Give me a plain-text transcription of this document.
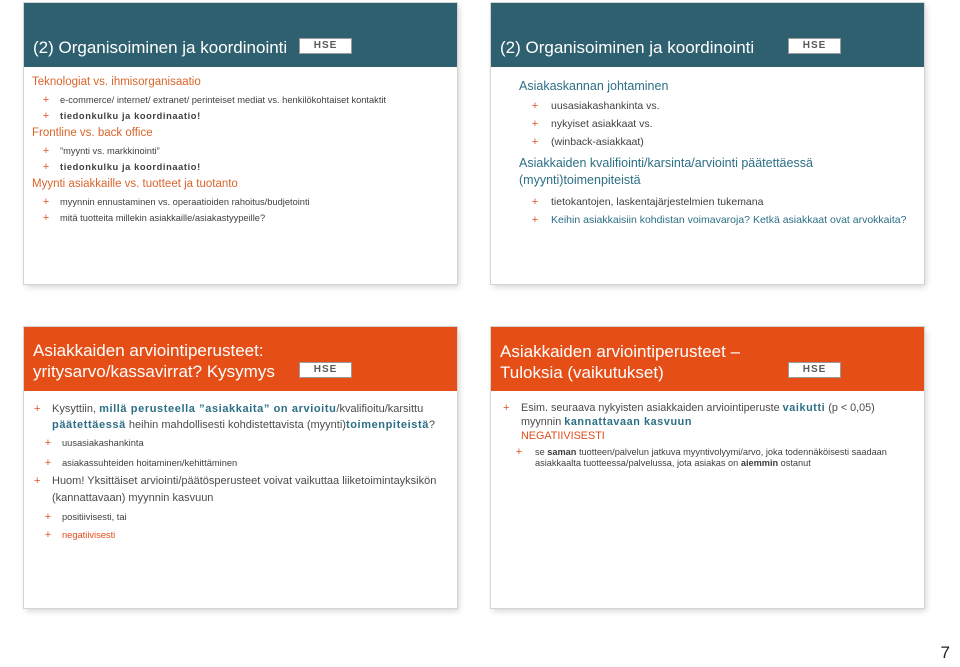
(2) Organisoiminen ja koordinointi	HSE
Teknologiat vs. ihmisorganisaatio
+	e-commerce/ internet/ extranet/ perinteiset mediat vs. henkilökohtaiset kontaktit
+	tiedonkulku ja koordinaatio!
Frontline vs. back office
+	”myynti vs. markkinointi”
+	tiedonkulku ja koordinaatio!
Myynti asiakkaille vs. tuotteet ja tuotanto
+	myynnin ennustaminen vs. operaatioiden rahoitus/budjetointi
+	mitä tuotteita millekin asiakkaille/asiakastyypeille?
(2) Organisoiminen ja koordinointi	HSE
Asiakaskannan johtaminen
+	uusasiakashankinta vs.
+	nykyiset asiakkaat vs.
+	(winback-asiakkaat)
Asiakkaiden kvalifiointi/karsinta/arviointi päätettäessä (myynti)toimenpiteistä
+	tietokantojen, laskentajärjestelmien tukemana
+	Keihin asiakkaisiin kohdistan voimavaroja? Ketkä asiakkaat ovat arvokkaita?
Asiakkaiden arviointiperusteet: yritysarvo/kassavirrat? Kysymys	HSE
+	Kysyttiin, millä perusteella ”asiakkaita” on arvioitu/kvalifioitu/karsittu päätettäessä heihin mahdollisesti kohdistettavista (myynti)toimenpiteistä?
+	uusasiakashankinta
+	asiakassuhteiden hoitaminen/kehittäminen
+	Huom! Yksittäiset arviointi/päätösperusteet voivat vaikuttaa liiketoimintayksikön (kannattavaan) myynnin kasvuun
+	positiivisesti, tai
+	negatiivisesti
Asiakkaiden arviointiperusteet –
Tuloksia (vaikutukset)	HSE
+	Esim. seuraava nykyisten asiakkaiden arviointiperuste vaikutti (p < 0,05) myynnin kannattavaan kasvuun
NEGATIIVISESTI
+	se saman tuotteen/palvelun jatkuva myyntivolyymi/arvo, joka todennäköisesti saadaan asiakkaalta tuotteessa/palvelussa, jota asiakas on aiemmin ostanut
7
